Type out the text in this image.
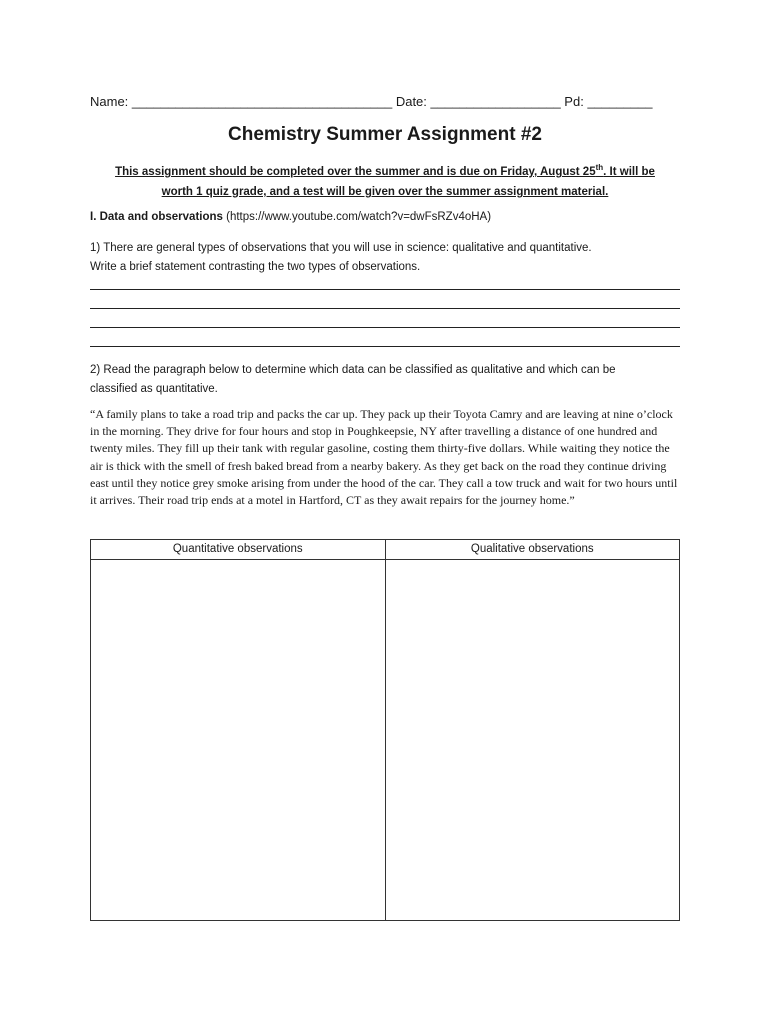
Name: ____________________________________ Date: __________________ Pd: _________
Chemistry Summer Assignment #2
This assignment should be completed over the summer and is due on Friday, August 25th. It will be
worth 1 quiz grade, and a test will be given over the summer assignment material.
I. Data and observations (https://www.youtube.com/watch?v=dwFsRZv4oHA)
1) There are general types of observations that you will use in science: qualitative and quantitative.
Write a brief statement contrasting the two types of observations.
2) Read the paragraph below to determine which data can be classified as qualitative and which can be
classified as quantitative.
“A family plans to take a road trip and packs the car up. They pack up their Toyota Camry and are leaving at nine o’clock in the morning. They drive for four hours and stop in Poughkeepsie, NY after travelling a distance of one hundred and twenty miles. They fill up their tank with regular gasoline, costing them thirty-five dollars. While waiting they notice the air is thick with the smell of fresh baked bread from a nearby bakery. As they get back on the road they continue driving east until they notice grey smoke arising from under the hood of the car. They call a tow truck and wait for two hours until it arrives. Their road trip ends at a motel in Hartford, CT as they await repairs for the journey home.”
Quantitative observations	Qualitative observations
